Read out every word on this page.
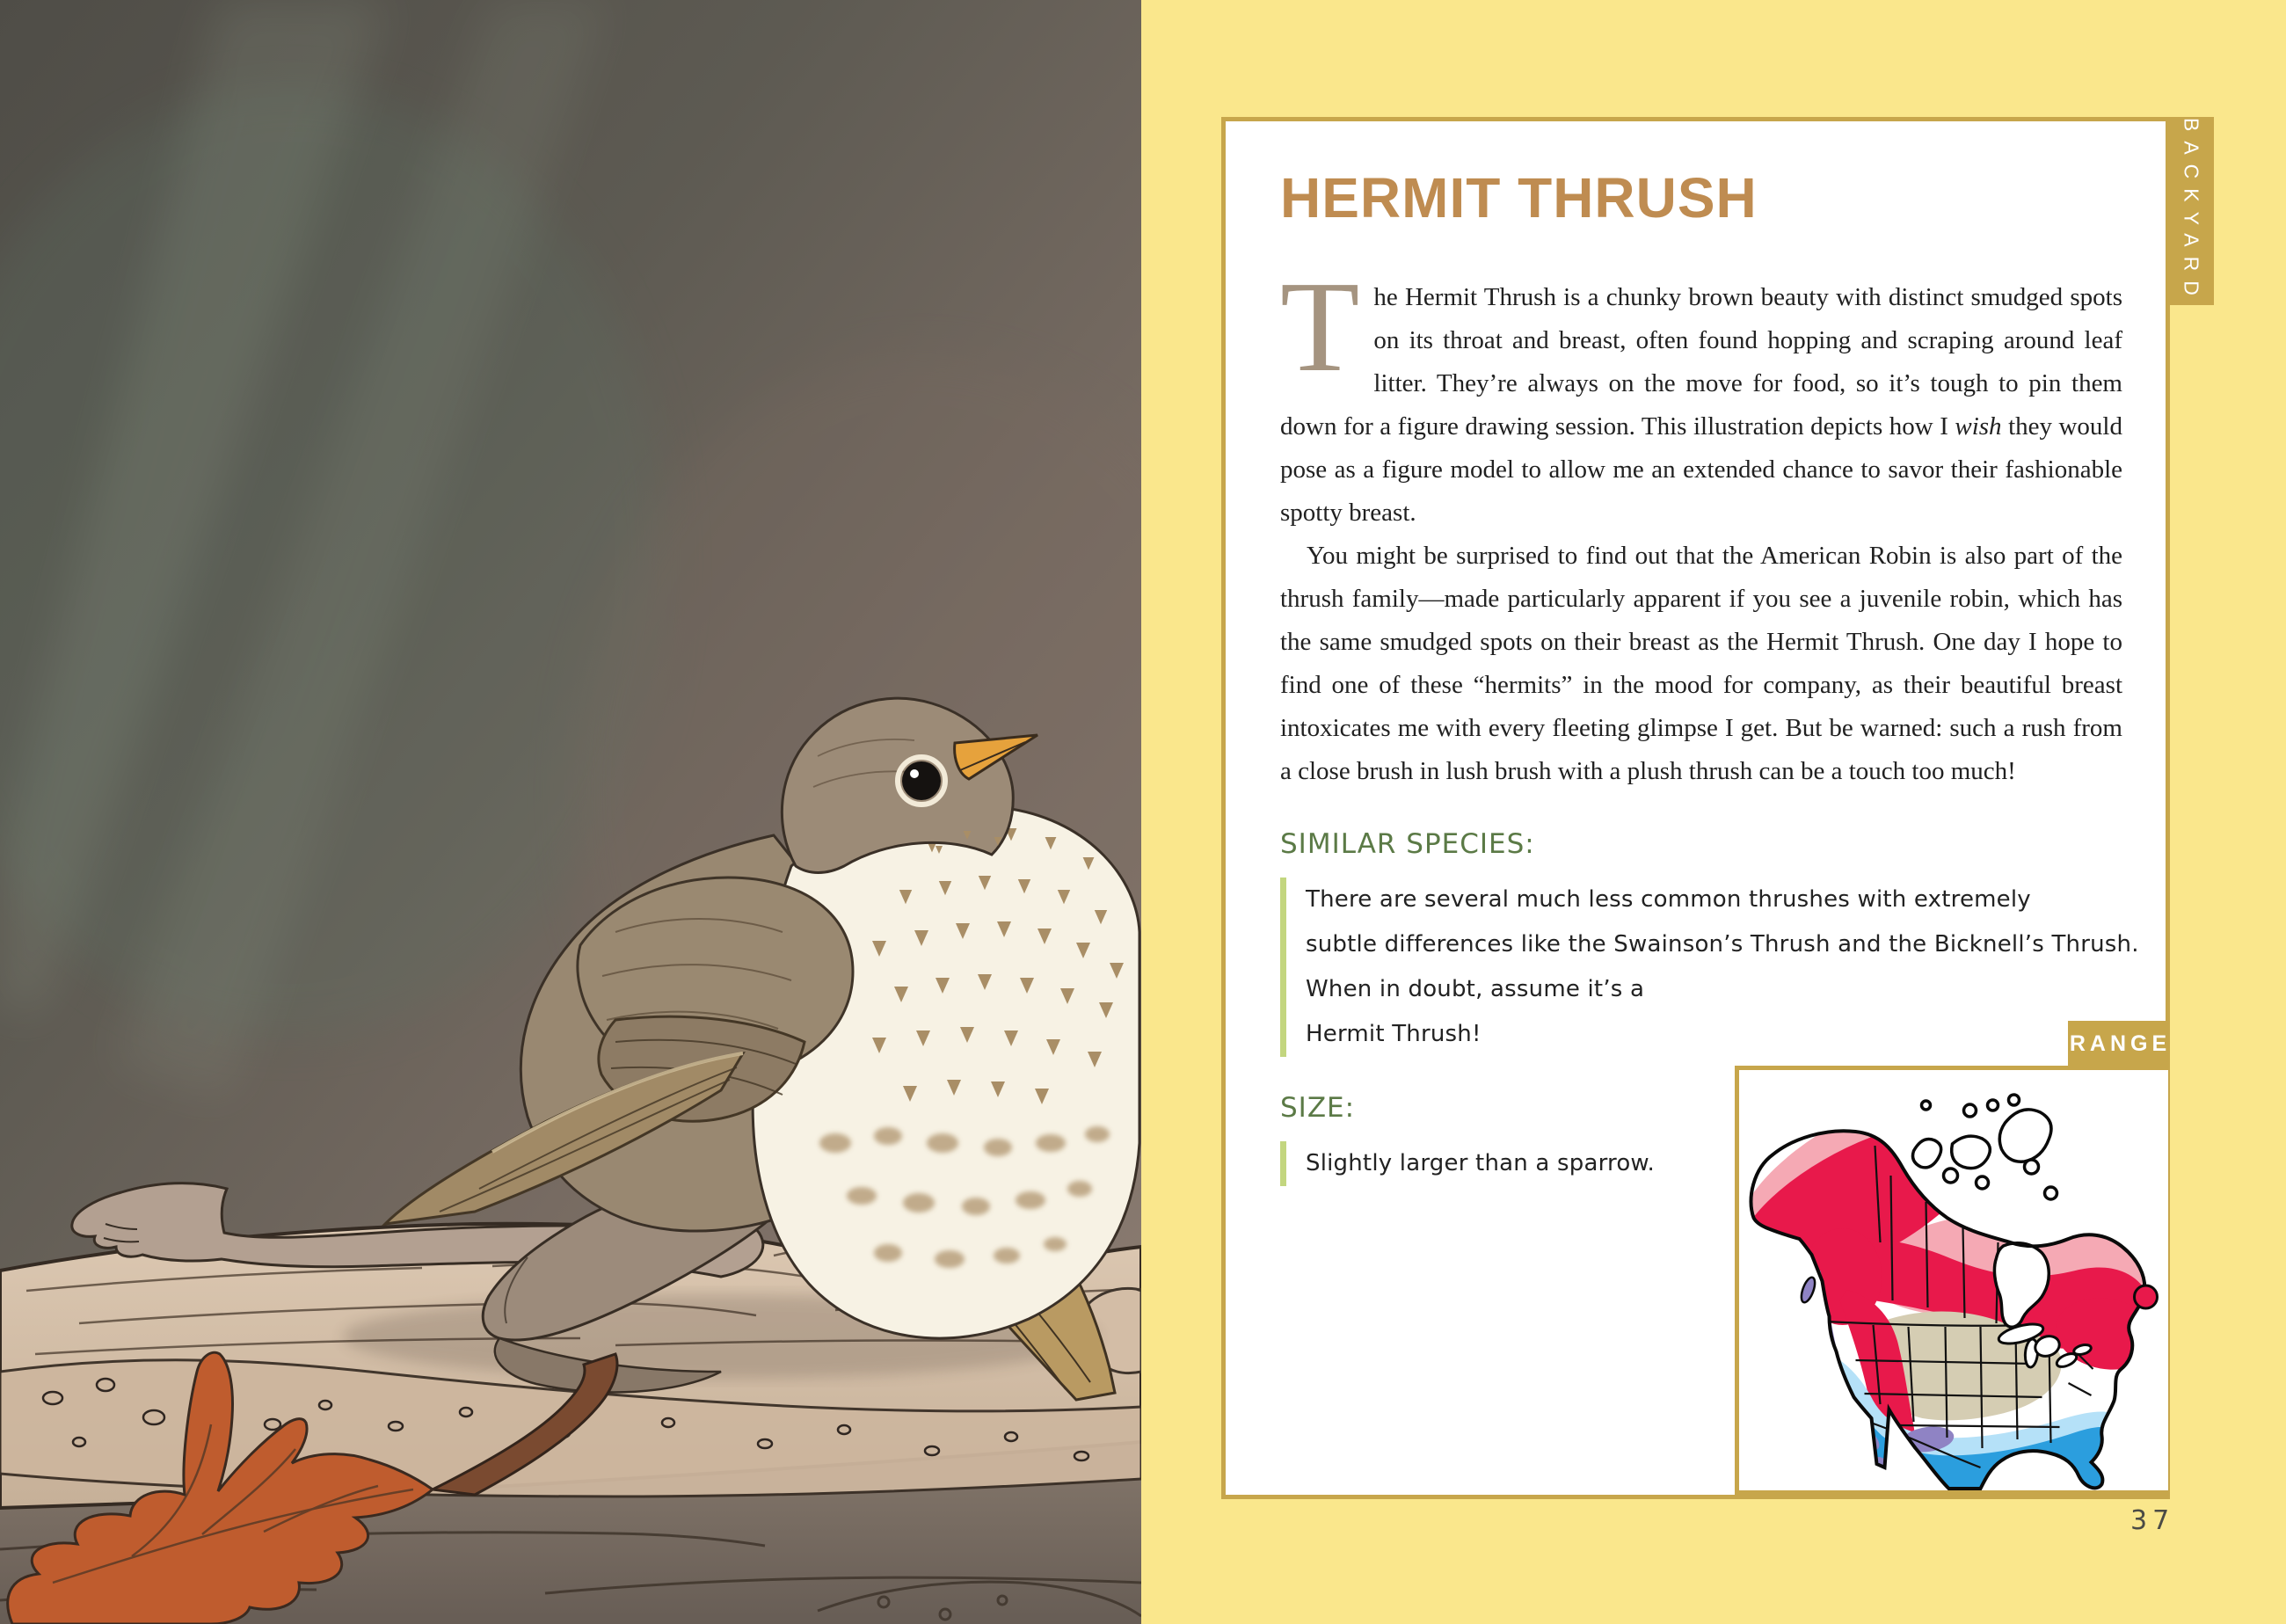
BACKYARD
HERMIT THRUSH

The Hermit Thrush is a chunky brown beauty with distinct smudged spots on its throat and breast, often found hopping and scraping around leaf litter. They’re always on the move for food, so it’s tough to pin them down for a figure drawing session. This illustration depicts how I wish they would pose as a figure model to allow me an extended chance to savor their fashionable spotty breast.

You might be surprised to find out that the American Robin is also part of the thrush family—made particularly apparent if you see a juvenile robin, which has the same smudged spots on their breast as the Hermit Thrush. One day I hope to find one of these “hermits” in the mood for company, as their beautiful breast intoxicates me with every fleeting glimpse I get. But be warned: such a rush from a close brush in lush brush with a plush thrush can be a touch too much!

SIMILAR SPECIES:
There are several much less common thrushes with extremely
subtle differences like the Swainson’s Thrush and the Bicknell’s Thrush.
When in doubt, assume it’s a
Hermit Thrush!
SIZE:
Slightly larger than a sparrow.
RANGE
37
